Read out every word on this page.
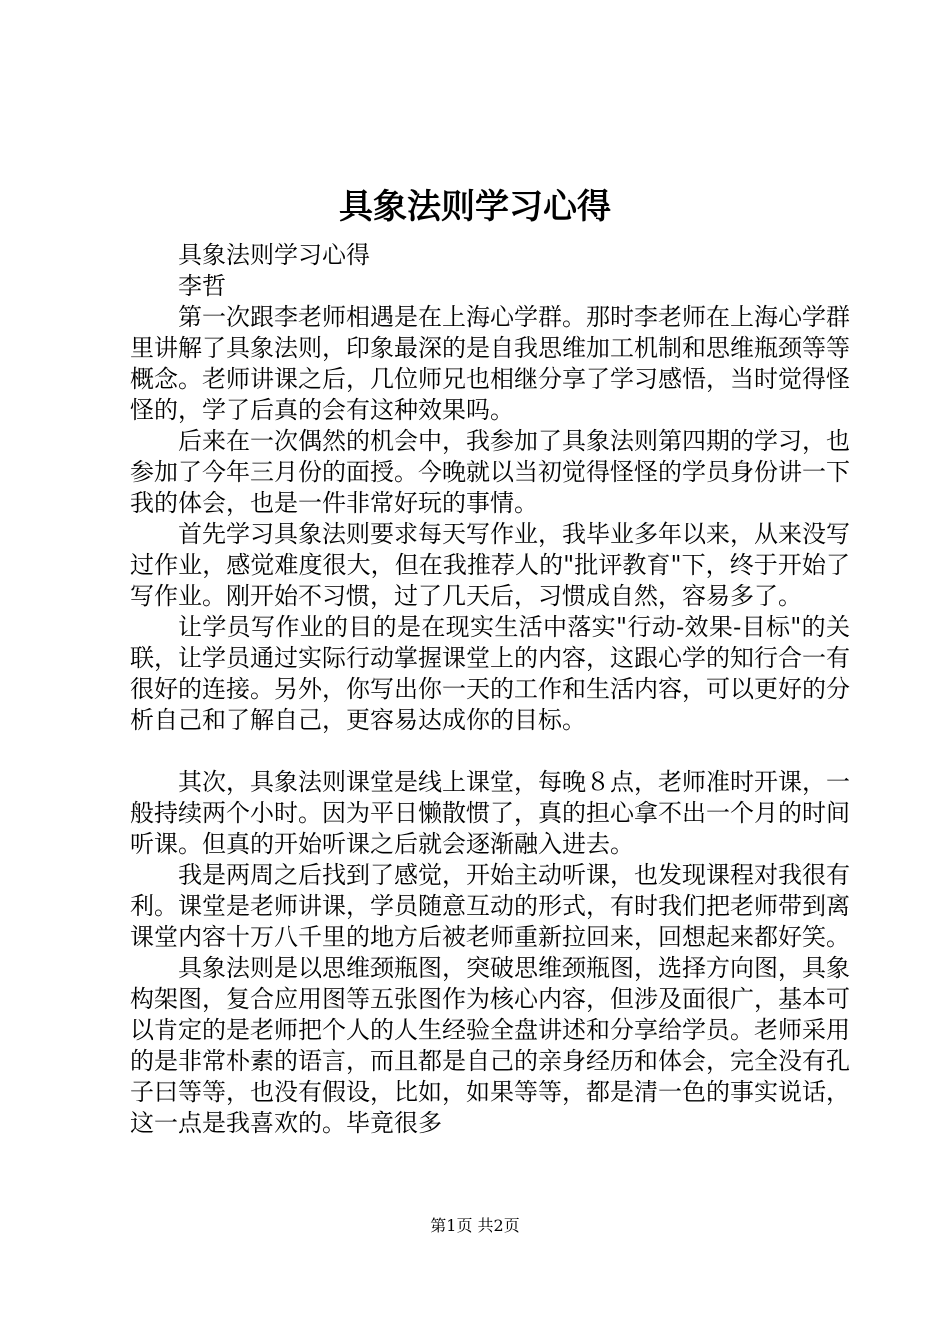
具象法则学习心得

具象法则学习心得

李哲

第一次跟李老师相遇是在上海心学群。那时李老师在上海心学群里讲解了具象法则，印象最深的是自我思维加工机制和思维瓶颈等等概念。老师讲课之后，几位师兄也相继分享了学习感悟，当时觉得怪怪的，学了后真的会有这种效果吗。

后来在一次偶然的机会中，我参加了具象法则第四期的学习，也参加了今年三月份的面授。今晚就以当初觉得怪怪的学员身份讲一下我的体会，也是一件非常好玩的事情。

首先学习具象法则要求每天写作业，我毕业多年以来，从来没写过作业，感觉难度很大，但在我推荐人的"批评教育"下，终于开始了写作业。刚开始不习惯，过了几天后，习惯成自然，容易多了。

让学员写作业的目的是在现实生活中落实"行动-效果-目标"的关联，让学员通过实际行动掌握课堂上的内容，这跟心学的知行合一有很好的连接。另外，你写出你一天的工作和生活内容，可以更好的分析自己和了解自己，更容易达成你的目标。

其次，具象法则课堂是线上课堂，每晚８点，老师准时开课，一般持续两个小时。因为平日懒散惯了，真的担心拿不出一个月的时间听课。但真的开始听课之后就会逐渐融入进去。

我是两周之后找到了感觉，开始主动听课，也发现课程对我很有利。课堂是老师讲课，学员随意互动的形式，有时我们把老师带到离课堂内容十万八千里的地方后被老师重新拉回来，回想起来都好笑。

具象法则是以思维颈瓶图，突破思维颈瓶图，选择方向图，具象构架图，复合应用图等五张图作为核心内容，但涉及面很广，基本可以肯定的是老师把个人的人生经验全盘讲述和分享给学员。老师采用的是非常朴素的语言，而且都是自己的亲身经历和体会，完全没有孔子曰等等，也没有假设，比如，如果等等，都是清一色的事实说话，这一点是我喜欢的。毕竟很多

第1页 共2页
